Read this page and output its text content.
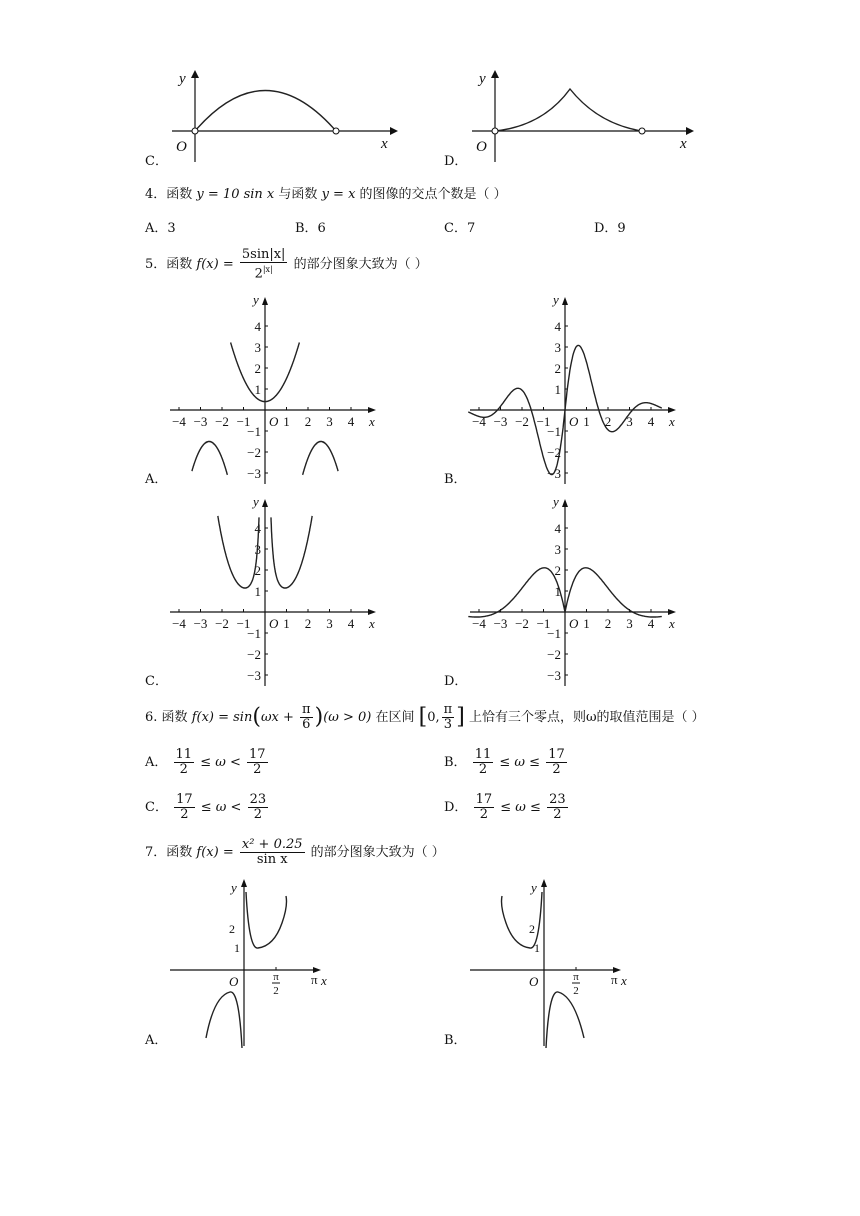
y
x
O
C．
y
x
O
D．
4．函数 y = 10 sin x 与函数 y = x 的图像的交点个数是（ ）
A．3	B．6	C．7	D．9
5．函数 $f(x) = \frac{5\sin|x|}{2^{|x|}}$ 的部分图象大致为（ ）
y
x
O
−4 −3 −2 −1	1 2 3 4
4
3
2
1
−1
−2
−3
A．
y
x
O
−4 −3 −2 −1	1 2 3 4
4
3
2
1
−1
−2
−3
B．
y
x
O
−4 −3 −2 −1	1 2 3 4
4
3
2
1
−1
−2
−3
C．
y
x
O
−4 −3 −2 −1	1 2 3 4
4
3
2
1
−1
−2
−3
D．
6. 函数 $f(x) = \sin(\omega x + \frac{\pi}{6} )(\omega > 0)$ 在区间 [0, $\frac{\pi}{3}$ ] 上恰有三个零点，则ω的取值范围是（ ）
A． $\frac{11}{2} \le \omega < \frac{17}{2}$	B． $\frac{11}{2} \le \omega \le \frac{17}{2}$
C． $\frac{17}{2} \le \omega < \frac{23}{2}$	D． $\frac{17}{2} \le \omega \le \frac{23}{2}$
7．函数 $f(x) = \frac{\text{x² + 0.25}}{\text{sin x}}$ 的部分图象大致为（ ）
y
x
O
2
1
π
2
π
A．
y
x
O
2
1
π
2
π
B．
